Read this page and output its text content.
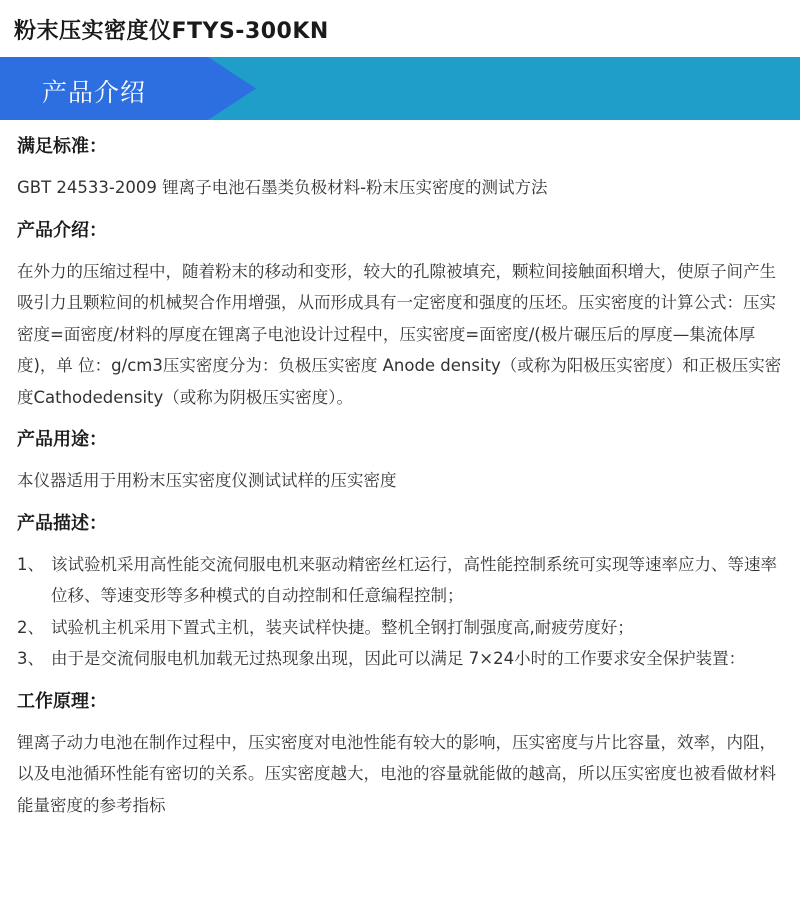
粉末压实密度仪FTYS-300KN
产品介绍
满足标准：

GBT 24533-2009 锂离子电池石墨类负极材料-粉末压实密度的测试方法

产品介绍：

在外力的压缩过程中，随着粉末的移动和变形，较大的孔隙被填充，颗粒间接触面积增大，使原子间产生吸引力且颗粒间的机械契合作用增强，从而形成具有一定密度和强度的压坯。压实密度的计算公式：压实密度=面密度/材料的厚度在锂离子电池设计过程中，压实密度=面密度/(极片碾压后的厚度—集流体厚度)，单 位：g/cm3压实密度分为：负极压实密度 Anode density（或称为阳极压实密度）和正极压实密度Cathodedensity（或称为阴极压实密度）。

产品用途：

本仪器适用于用粉末压实密度仪测试试样的压实密度

产品描述：
1、 该试验机采用高性能交流伺服电机来驱动精密丝杠运行，高性能控制系统可实现等速率应力、等速率位移、等速变形等多种模式的自动控制和任意编程控制；
2、 试验机主机采用下置式主机，装夹试样快捷。整机全钢打制强度高,耐疲劳度好；
3、 由于是交流伺服电机加载无过热现象出现，因此可以满足 7×24小时的工作要求安全保护装置：
工作原理：

锂离子动力电池在制作过程中，压实密度对电池性能有较大的影响，压实密度与片比容量，效率，内阻，以及电池循环性能有密切的关系。压实密度越大，电池的容量就能做的越高，所以压实密度也被看做材料能量密度的参考指标
